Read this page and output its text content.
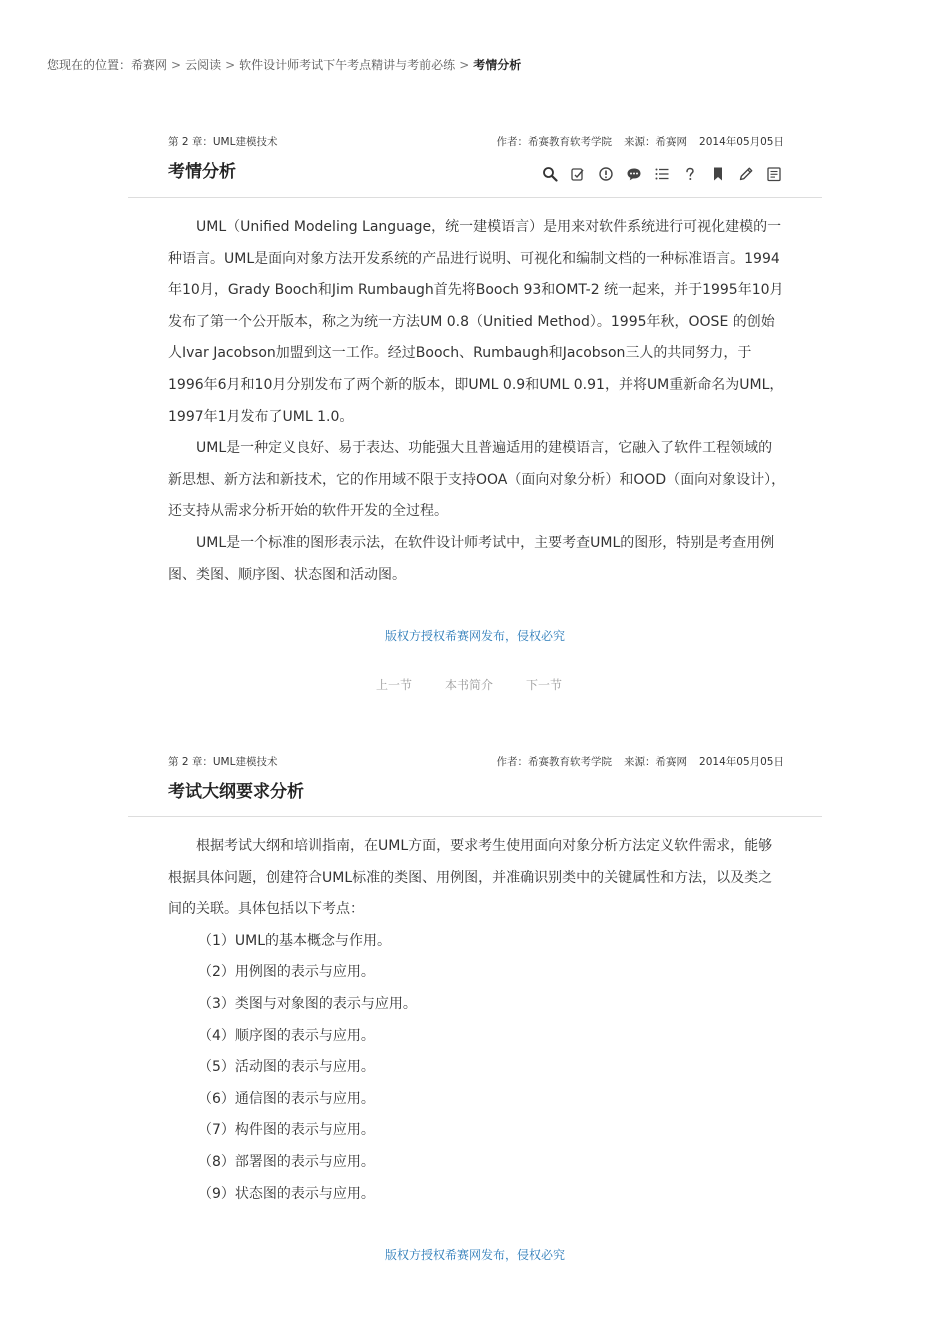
您现在的位置：希赛网 > 云阅读 > 软件设计师考试下午考点精讲与考前必练 > 考情分析
第 2 章：UML建模技术	作者：希赛教育软考学院 来源：希赛网 2014年05月05日
考情分析

UML（Unified Modeling Language，统一建模语言）是用来对软件系统进行可视化建模的一种语言。UML是面向对象方法开发系统的产品进行说明、可视化和编制文档的一种标准语言。1994年10月，Grady Booch和Jim Rumbaugh首先将Booch 93和OMT-2 统一起来，并于1995年10月发布了第一个公开版本，称之为统一方法UM 0.8（Unitied Method）。1995年秋，OOSE 的创始人Ivar Jacobson加盟到这一工作。经过Booch、Rumbaugh和Jacobson三人的共同努力，于1996年6月和10月分别发布了两个新的版本，即UML 0.9和UML 0.91，并将UM重新命名为UML，1997年1月发布了UML 1.0。

UML是一种定义良好、易于表达、功能强大且普遍适用的建模语言，它融入了软件工程领域的新思想、新方法和新技术，它的作用域不限于支持OOA（面向对象分析）和OOD（面向对象设计），还支持从需求分析开始的软件开发的全过程。

UML是一个标准的图形表示法，在软件设计师考试中，主要考查UML的图形，特别是考查用例图、类图、顺序图、状态图和活动图。

版权方授权希赛网发布，侵权必究
上一节	本书简介	下一节
第 2 章：UML建模技术	作者：希赛教育软考学院 来源：希赛网 2014年05月05日
考试大纲要求分析

根据考试大纲和培训指南，在UML方面，要求考生使用面向对象分析方法定义软件需求，能够根据具体问题，创建符合UML标准的类图、用例图，并准确识别类中的关键属性和方法，以及类之间的关联。具体包括以下考点：

（1）UML的基本概念与作用。

（2）用例图的表示与应用。

（3）类图与对象图的表示与应用。

（4）顺序图的表示与应用。

（5）活动图的表示与应用。

（6）通信图的表示与应用。

（7）构件图的表示与应用。

（8）部署图的表示与应用。

（9）状态图的表示与应用。

版权方授权希赛网发布，侵权必究
